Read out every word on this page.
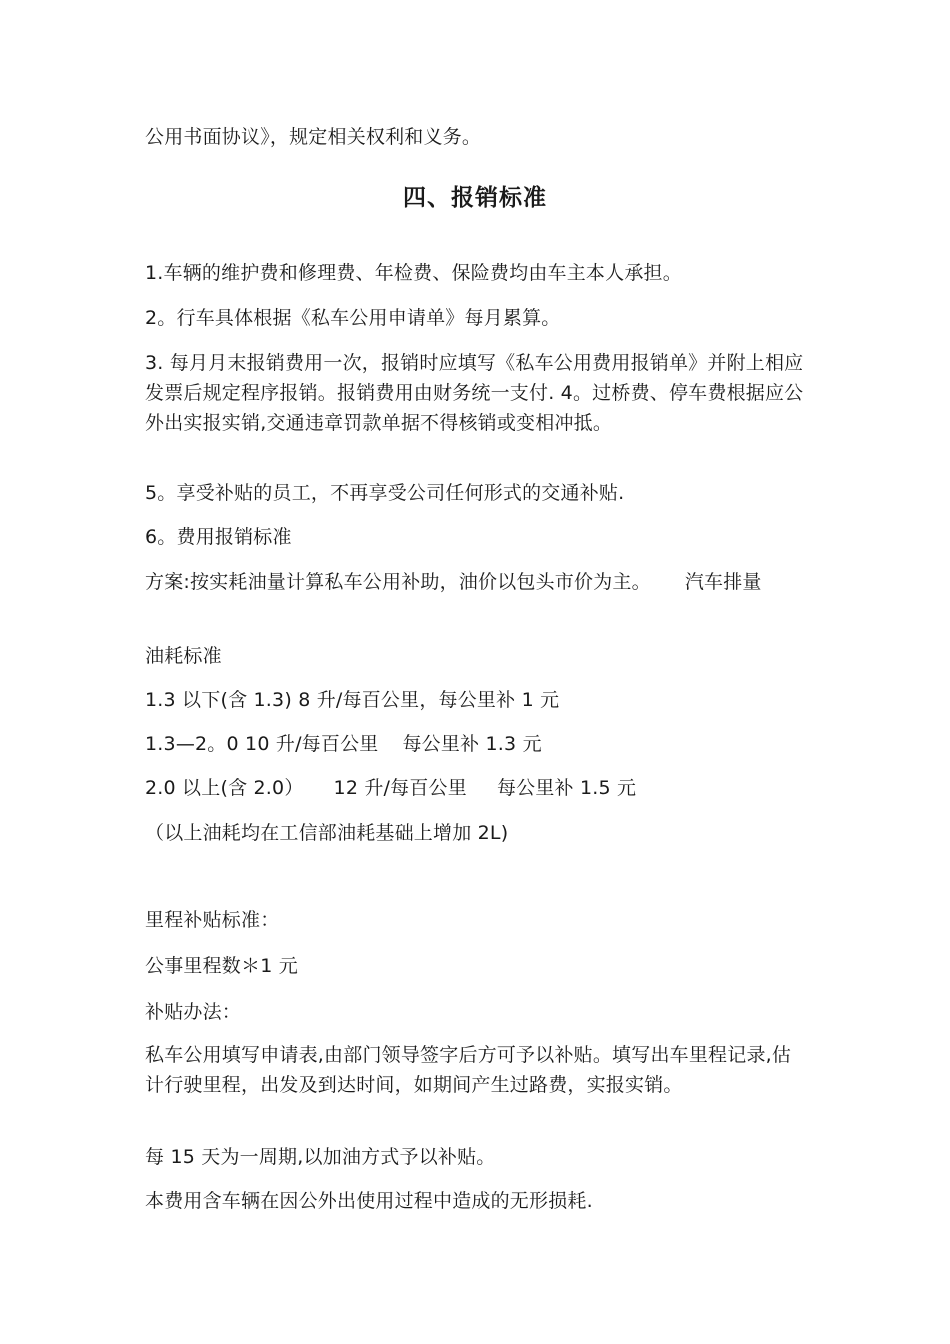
公用书面协议》，规定相关权利和义务。
四、报销标准
1.车辆的维护费和修理费、年检费、保险费均由车主本人承担。
2。行车具体根据《私车公用申请单》每月累算。
3. 每月月末报销费用一次，报销时应填写《私车公用费用报销单》并附上相应发票后规定程序报销。报销费用由财务统一支付. 4。过桥费、停车费根据应公外出实报实销,交通违章罚款单据不得核销或变相冲抵。
5。享受补贴的员工，不再享受公司任何形式的交通补贴.
6。费用报销标准
方案:按实耗油量计算私车公用补助，油价以包头市价为主。 汽车排量
油耗标准
1.3 以下(含 1.3) 8 升/每百公里，每公里补 1 元
1.3—2。0 10 升/每百公里 每公里补 1.3 元
2.0 以上(含 2.0） 12 升/每百公里 每公里补 1.5 元
（以上油耗均在工信部油耗基础上增加 2L)
里程补贴标准：
公事里程数＊1 元
补贴办法：
私车公用填写申请表,由部门领导签字后方可予以补贴。填写出车里程记录,估计行驶里程，出发及到达时间，如期间产生过路费，实报实销。
每 15 天为一周期,以加油方式予以补贴。
本费用含车辆在因公外出使用过程中造成的无形损耗.
